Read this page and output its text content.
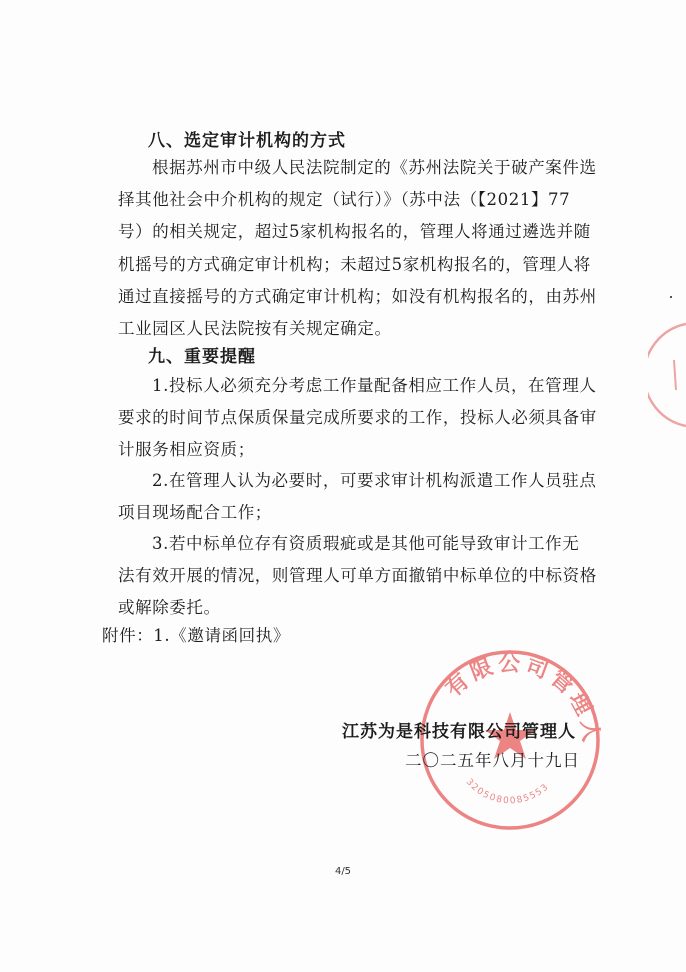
八、选定审计机构的方式
根据苏州市中级人民法院制定的《苏州法院关于破产案件选
择其他社会中介机构的规定（试行）》（苏中法（【2021】77
号）的相关规定，超过5家机构报名的，管理人将通过遴选并随
机摇号的方式确定审计机构；未超过5家机构报名的，管理人将
通过直接摇号的方式确定审计机构；如没有机构报名的，由苏州
工业园区人民法院按有关规定确定。
九、重要提醒
1.投标人必须充分考虑工作量配备相应工作人员，在管理人
要求的时间节点保质保量完成所要求的工作，投标人必须具备审
计服务相应资质；
2.在管理人认为必要时，可要求审计机构派遣工作人员驻点
项目现场配合工作；
3.若中标单位存有资质瑕疵或是其他可能导致审计工作无
法有效开展的情况，则管理人可单方面撤销中标单位的中标资格
或解除委托。

附件：1.《邀请函回执》

有限公司管理人
3205080085553

江苏为是科技有限公司管理人

二〇二五年八月十九日

4/5
